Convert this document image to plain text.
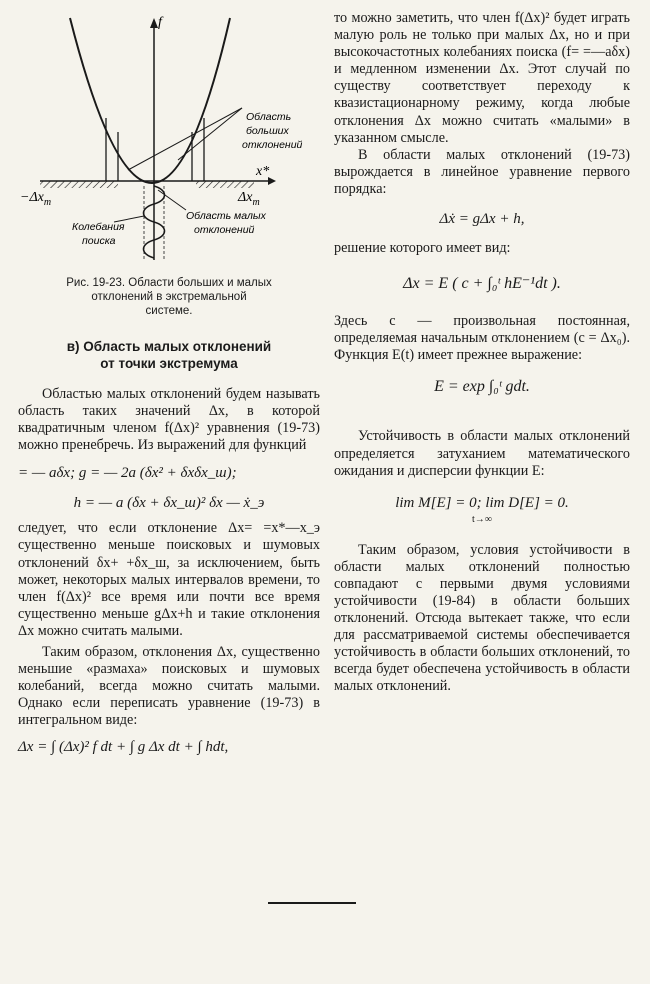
f
x*
$-\Delta x_m$	$\Delta x_m$
Область
больших
отклонений
Область малых
отклонений
Колебания
поиска

Рис. 19-23. Области больших и малых

отклонений в экстремальной

системе.

в) Область малых отклонений

от точки экстремума

Областью малых отклонений будем называть область таких значений Δx, в которой квадратичным членом f(Δx)² уравнения (19-73) можно пренебречь. Из выражений для функций

= — aδx; g = — 2a (δx² + δxδx_ш);

h = — a (δx + δx_ш)² δx — ẋ_э

следует, что если отклонение Δx= =x*—x_э существенно меньше поисковых и шумовых отклонений δx+ +δx_ш, за исключением, быть может, некоторых малых интервалов времени, то член f(Δx)² все время или почти все время существенно меньше gΔx+h и такие отклонения Δx можно считать малыми.

Таким образом, отклонения Δx, существенно меньшие «размаха» поисковых и шумовых колебаний, всегда можно считать малыми. Однако если переписать уравнение (19-73) в интегральном виде:

Δx = ∫ (Δx)² f dt + ∫ g Δx dt + ∫ hdt,

то можно заметить, что член f(Δx)² будет играть малую роль не только при малых Δx, но и при высокочастотных колебаниях поиска (f= =—aδx) и медленном изменении Δx. Этот случай по существу соответствует переходу к квазистационарному режиму, когда любые отклонения Δx можно считать «малыми» в указанном смысле.

В области малых отклонений (19-73) вырождается в линейное уравнение первого порядка:

Δẋ = gΔx + h,

решение которого имеет вид:

Δx = E ( c + ∫₀ᵗ hE⁻¹dt ).

Здесь c — произвольная постоянная, определяемая начальным отклонением (c = Δx₀). Функция E(t) имеет прежнее выражение:

E = exp ∫₀ᵗ gdt.

Устойчивость в области малых отклонений определяется затуханием математического ожидания и дисперсии функции E:

lim M[E] = 0; lim D[E] = 0.

t→∞

Таким образом, условия устойчивости в области малых отклонений полностью совпадают с первыми двумя условиями устойчивости (19-84) в области больших отклонений. Отсюда вытекает также, что если для рассматриваемой системы обеспечивается устойчивость в области больших отклонений, то всегда будет обеспечена устойчивость в области малых отклонений.
